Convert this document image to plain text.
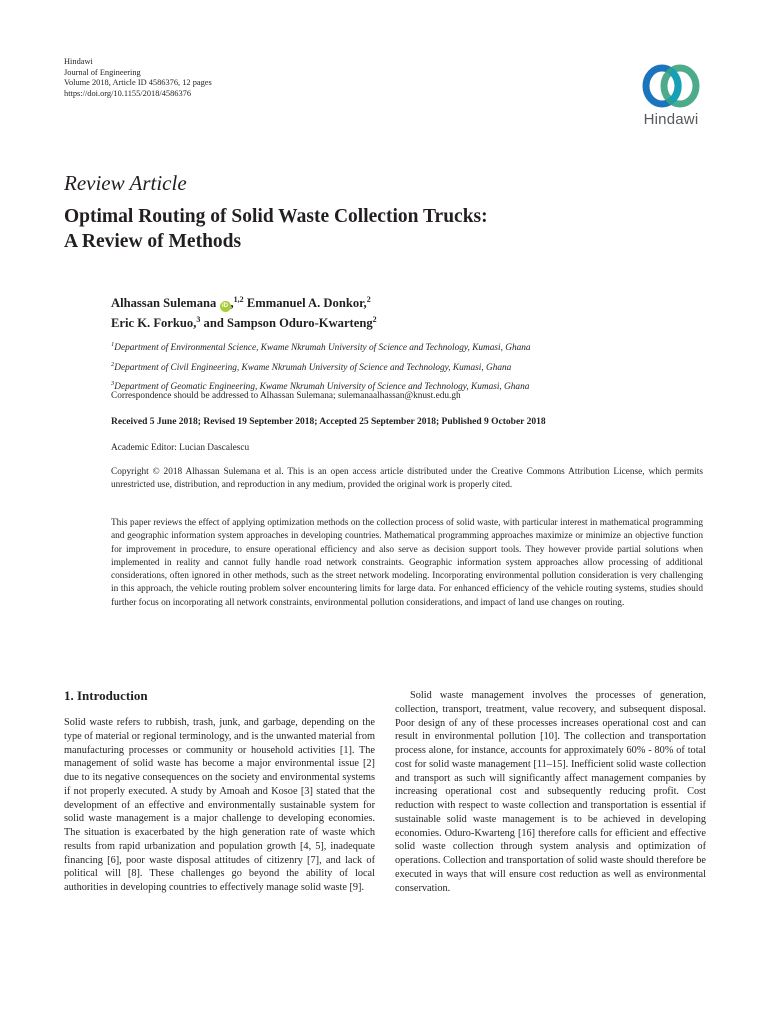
Hindawi
Journal of Engineering
Volume 2018, Article ID 4586376, 12 pages
https://doi.org/10.1155/2018/4586376
Hindawi
Review Article
Optimal Routing of Solid Waste Collection Trucks:
A Review of Methods
Alhassan Sulemana iD ,$^{1,2}$ Emmanuel A. Donkor,$^2$
Eric K. Forkuo,$^3$ and Sampson Oduro-Kwarteng$^2$
$^1$Department of Environmental Science, Kwame Nkrumah University of Science and Technology, Kumasi, Ghana
$^2$Department of Civil Engineering, Kwame Nkrumah University of Science and Technology, Kumasi, Ghana
$^3$Department of Geomatic Engineering, Kwame Nkrumah University of Science and Technology, Kumasi, Ghana
Correspondence should be addressed to Alhassan Sulemana; sulemanaalhassan@knust.edu.gh
Received 5 June 2018; Revised 19 September 2018; Accepted 25 September 2018; Published 9 October 2018
Academic Editor: Lucian Dascalescu
Copyright © 2018 Alhassan Sulemana et al. This is an open access article distributed under the Creative Commons Attribution License, which permits unrestricted use, distribution, and reproduction in any medium, provided the original work is properly cited.
This paper reviews the effect of applying optimization methods on the collection process of solid waste, with particular interest in mathematical programming and geographic information system approaches in developing countries. Mathematical programming approaches maximize or minimize an objective function for improvement in procedure, to ensure operational efficiency and also serve as decision support tools. They however provide partial solutions when implemented in reality and cannot fully handle road network constraints. Geographic information system approaches allow processing of additional considerations, often ignored in other methods, such as the street network modeling. Incorporating environmental pollution consideration is very challenging in this approach, the vehicle routing problem solver encountering limits for large data. For enhanced efficiency of the vehicle routing systems, studies should further focus on incorporating all network constraints, environmental pollution considerations, and impact of land use changes on routing.
1. Introduction
Solid waste refers to rubbish, trash, junk, and garbage, depending on the type of material or regional terminology, and is the unwanted material from manufacturing processes or community or household activities [1]. The management of solid waste has become a major environmental issue [2] due to its negative consequences on the society and environmental systems if not properly executed. A study by Amoah and Kosoe [3] stated that the development of an effective and environmentally sustainable system for solid waste management is a major challenge to developing economies. The situation is exacerbated by the high generation rate of waste which results from rapid urbanization and population growth [4, 5], inadequate financing [6], poor waste disposal attitudes of citizenry [7], and lack of political will [8]. These challenges go beyond the ability of local authorities in developing countries to effectively manage solid waste [9].
Solid waste management involves the processes of generation, collection, transport, treatment, value recovery, and subsequent disposal. Poor design of any of these processes increases operational cost and can result in environmental pollution [10]. The collection and transportation process alone, for instance, accounts for approximately 60% - 80% of total cost for solid waste management [11–15]. Inefficient solid waste collection and transport as such will significantly affect management companies by increasing operational cost and subsequently reducing profit. Cost reduction with respect to waste collection and transportation is essential if sustainable solid waste management is to be achieved in developing economies. Oduro-Kwarteng [16] therefore calls for efficient and effective solid waste collection through system analysis and optimization of operations. Collection and transportation of solid waste should therefore be executed in ways that will ensure cost reduction as well as environmental conservation.
